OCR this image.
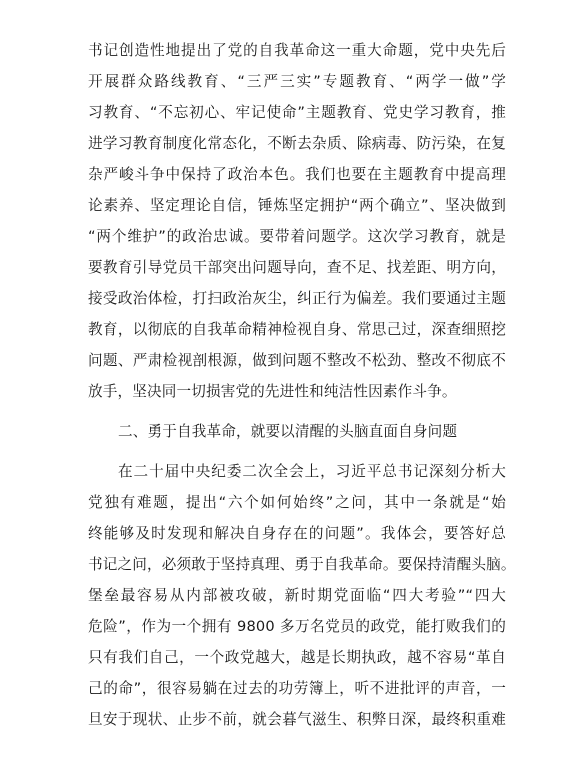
书记创造性地提出了党的自我革命这一重大命题，党中央先后
开展群众路线教育、“三严三实”专题教育、“两学一做”学
习教育、“不忘初心、牢记使命”主题教育、党史学习教育，推
进学习教育制度化常态化，不断去杂质、除病毒、防污染，在复
杂严峻斗争中保持了政治本色。我们也要在主题教育中提高理
论素养、坚定理论自信，锤炼坚定拥护“两个确立”、坚决做到
“两个维护”的政治忠诚。要带着问题学。这次学习教育，就是
要教育引导党员干部突出问题导向，查不足、找差距、明方向，
接受政治体检，打扫政治灰尘，纠正行为偏差。我们要通过主题
教育，以彻底的自我革命精神检视自身、常思己过，深查细照挖
问题、严肃检视剖根源，做到问题不整改不松劲、整改不彻底不
放手，坚决同一切损害党的先进性和纯洁性因素作斗争。
二、勇于自我革命，就要以清醒的头脑直面自身问题
在二十届中央纪委二次全会上，习近平总书记深刻分析大
党独有难题，提出“六个如何始终”之问，其中一条就是“始
终能够及时发现和解决自身存在的问题”。我体会，要答好总
书记之问，必须敢于坚持真理、勇于自我革命。要保持清醒头脑。
堡垒最容易从内部被攻破，新时期党面临“四大考验”“四大
危险”，作为一个拥有 9800 多万名党员的政党，能打败我们的
只有我们自己，一个政党越大，越是长期执政，越不容易“革自
己的命”，很容易躺在过去的功劳簿上，听不进批评的声音，一
旦安于现状、止步不前，就会暮气滋生、积弊日深，最终积重难
